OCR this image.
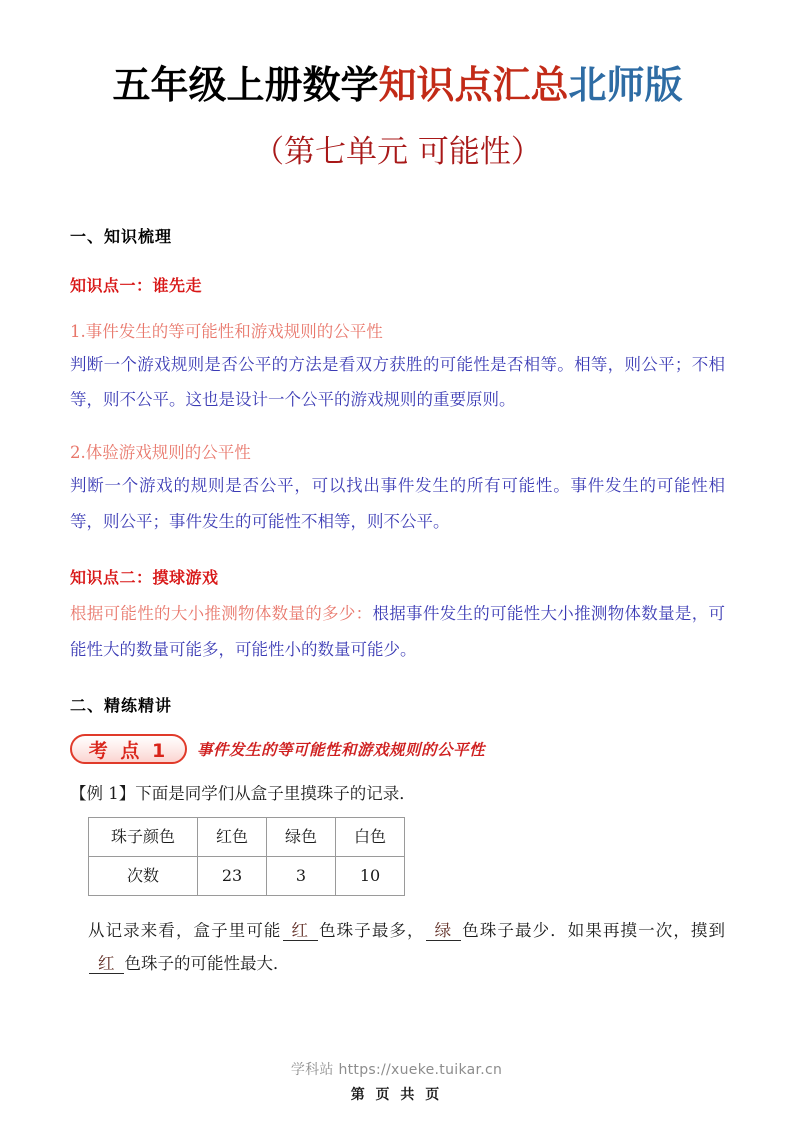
五年级上册数学知识点汇总北师版
（第七单元 可能性）
一、知识梳理
知识点一：谁先走
1.事件发生的等可能性和游戏规则的公平性
判断一个游戏规则是否公平的方法是看双方获胜的可能性是否相等。相等，则公平；不相等，则不公平。这也是设计一个公平的游戏规则的重要原则。
2.体验游戏规则的公平性
判断一个游戏的规则是否公平，可以找出事件发生的所有可能性。事件发生的可能性相等，则公平；事件发生的可能性不相等，则不公平。
知识点二：摸球游戏
根据可能性的大小推测物体数量的多少：根据事件发生的可能性大小推测物体数量是，可能性大的数量可能多，可能性小的数量可能少。
二、精练精讲
考 点 1	事件发生的等可能性和游戏规则的公平性
【例 1】下面是同学们从盒子里摸珠子的记录．
珠子颜色	红色	绿色	白色
次数	23	3	10
从记录来看，盒子里可能 红 色珠子最多， 绿 色珠子最少．如果再摸一次，摸到红 色珠子的可能性最大．
学科站 https://xueke.tuikar.cn
第 页 共 页
